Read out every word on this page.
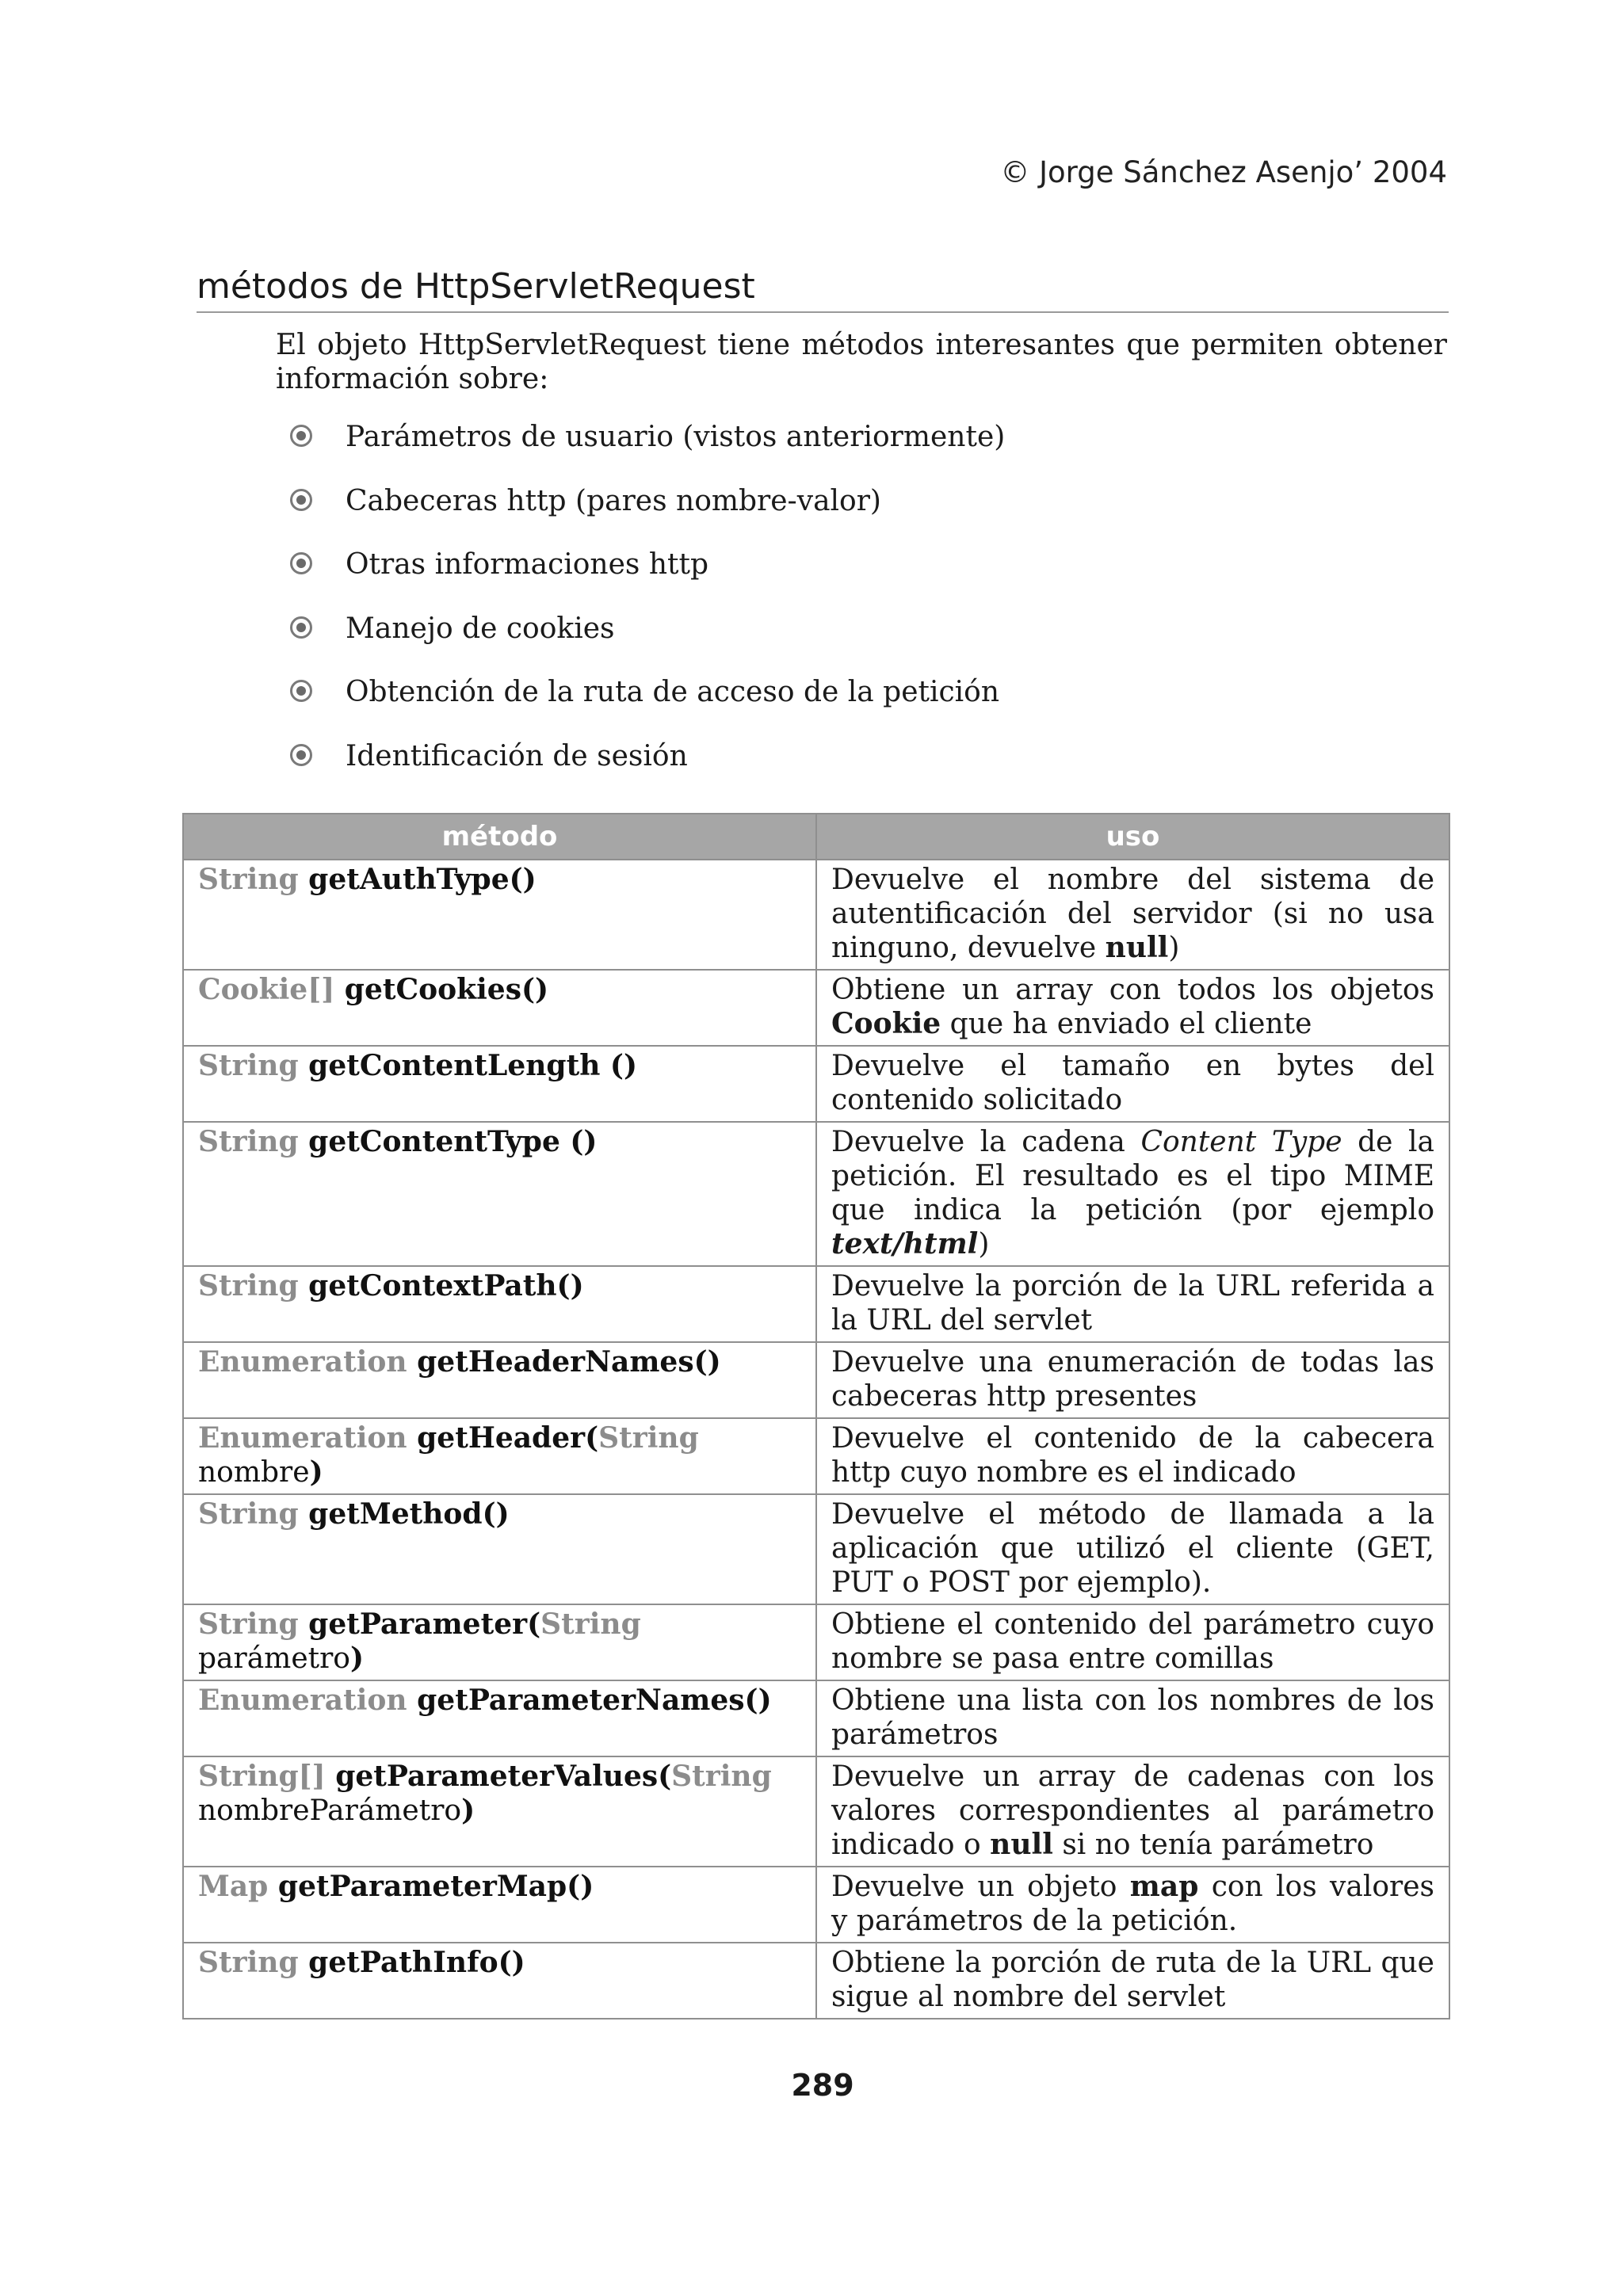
© Jorge Sánchez Asenjo’ 2004
métodos de HttpServletRequest
El objeto HttpServletRequest tiene métodos interesantes que permiten obtener información sobre:
Parámetros de usuario (vistos anteriormente)
Cabeceras http (pares nombre-valor)
Otras informaciones http
Manejo de cookies
Obtención de la ruta de acceso de la petición
Identificación de sesión
método	uso
String getAuthType()	Devuelve el nombre del sistema de autentificación del servidor (si no usa ninguno, devuelve null)
Cookie[] getCookies()	Obtiene un array con todos los objetos Cookie que ha enviado el cliente
String getContentLength ()	Devuelve el tamaño en bytes del contenido solicitado
String getContentType ()	Devuelve la cadena Content Type de la petición. El resultado es el tipo MIME que indica la petición (por ejemplo text/html)
String getContextPath()	Devuelve la porción de la URL referida a la URL del servlet
Enumeration getHeaderNames()	Devuelve una enumeración de todas las cabeceras http presentes
Enumeration getHeader(String nombre)	Devuelve el contenido de la cabecera http cuyo nombre es el indicado
String getMethod()	Devuelve el método de llamada a la aplicación que utilizó el cliente (GET, PUT o POST por ejemplo).
String getParameter(String parámetro)	Obtiene el contenido del parámetro cuyo nombre se pasa entre comillas
Enumeration getParameterNames()	Obtiene una lista con los nombres de los parámetros
String[] getParameterValues(String nombreParámetro)	Devuelve un array de cadenas con los valores correspondientes al parámetro indicado o null si no tenía parámetro
Map getParameterMap()	Devuelve un objeto map con los valores y parámetros de la petición.
String getPathInfo()	Obtiene la porción de ruta de la URL que sigue al nombre del servlet
289
